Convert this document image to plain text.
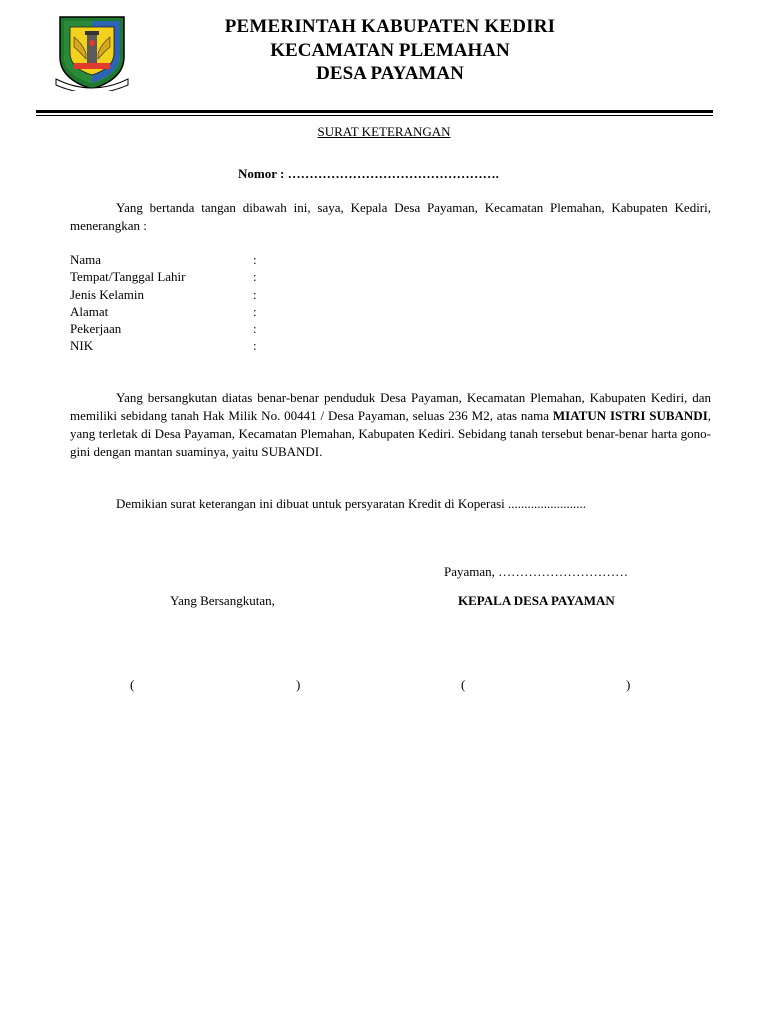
PEMERINTAH KABUPATEN KEDIRI
KECAMATAN PLEMAHAN
DESA PAYAMAN
SURAT KETERANGAN
Nomor : ………………………………………….
Yang bertanda tangan dibawah ini, saya, Kepala Desa Payaman, Kecamatan Plemahan, Kabupaten Kediri, menerangkan :
Nama	:
Tempat/Tanggal Lahir	:
Jenis Kelamin	:
Alamat	:
Pekerjaan	:
NIK	:
Yang bersangkutan diatas benar-benar penduduk Desa Payaman, Kecamatan Plemahan, Kabupaten Kediri, dan memiliki sebidang tanah Hak Milik No. 00441 / Desa Payaman, seluas 236 M2, atas nama MIATUN ISTRI SUBANDI, yang terletak di Desa Payaman, Kecamatan Plemahan, Kabupaten Kediri. Sebidang tanah tersebut benar-benar harta gono-gini dengan mantan suaminya, yaitu SUBANDI.
Demikian surat keterangan ini dibuat untuk persyaratan Kredit di Koperasi ........................
Payaman, …………………………
Yang Bersangkutan,	KEPALA DESA PAYAMAN
(	)	(	)
